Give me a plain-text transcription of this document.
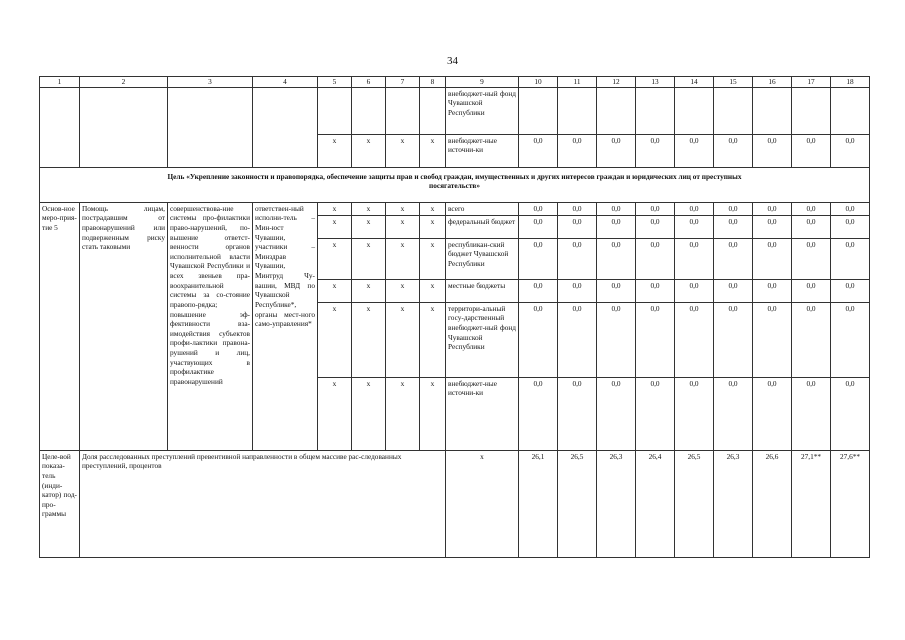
34
1	2	3	4	5	6	7	8	9	10	11	12	13	14	15	16	17	18
								внебюджет-ный фонд Чувашской Республики									
				x	x	x	x	внебюджет-ные источни-ки	0,0	0,0	0,0	0,0	0,0	0,0	0,0	0,0	0,0
Цель «Укрепление законности и правопорядка, обеспечение защиты прав и свобод граждан, имущественных и других интересов граждан и юридических лиц от преступных посягательств»																	
Основ-ное меро-прия-тие 5	Помощь лицам, пострадавшим от правонарушений или подверженным риску стать таковыми	совершенствова-ние системы про-филактики право-нарушений, по-вышение ответст-венности органов исполнительной власти Чувашской Республики и всех звеньев пра-воохранительной системы за со-стояние правопо-рядка; повышение эф-фективности вза-имодействия субъектов профи-лактики правона-рушений и лиц, участвующих в профилактике правонарушений	ответствен-ный исполни-тель – Мин-юст Чувашии, участники – Минздрав Чувашии, Минтруд Чу-вашии, МВД по Чувашской Республике*, органы мест-ного само-управления*	x	x	x	x	всего	0,0	0,0	0,0	0,0	0,0	0,0	0,0	0,0	0,0
				x	x	x	x	федеральный бюджет	0,0	0,0	0,0	0,0	0,0	0,0	0,0	0,0	0,0
				x	x	x	x	республикан-ский бюджет Чувашской Республики	0,0	0,0	0,0	0,0	0,0	0,0	0,0	0,0	0,0
				x	x	x	x	местные бюджеты	0,0	0,0	0,0	0,0	0,0	0,0	0,0	0,0	0,0
				x	x	x	x	территори-альный госу-дарственный внебюджет-ный фонд Чувашской Республики	0,0	0,0	0,0	0,0	0,0	0,0	0,0	0,0	0,0
				x	x	x	x	внебюджет-ные источни-ки	0,0	0,0	0,0	0,0	0,0	0,0	0,0	0,0	0,0
Целе-вой показа-тель (инди-катор) под-про-граммы	Доля расследованных преступлений превентивной направленности в общем массиве рас-следованных преступлений, процентов							x	26,1	26,5	26,3	26,4	26,5	26,3	26,6	27,1**	27,6**
